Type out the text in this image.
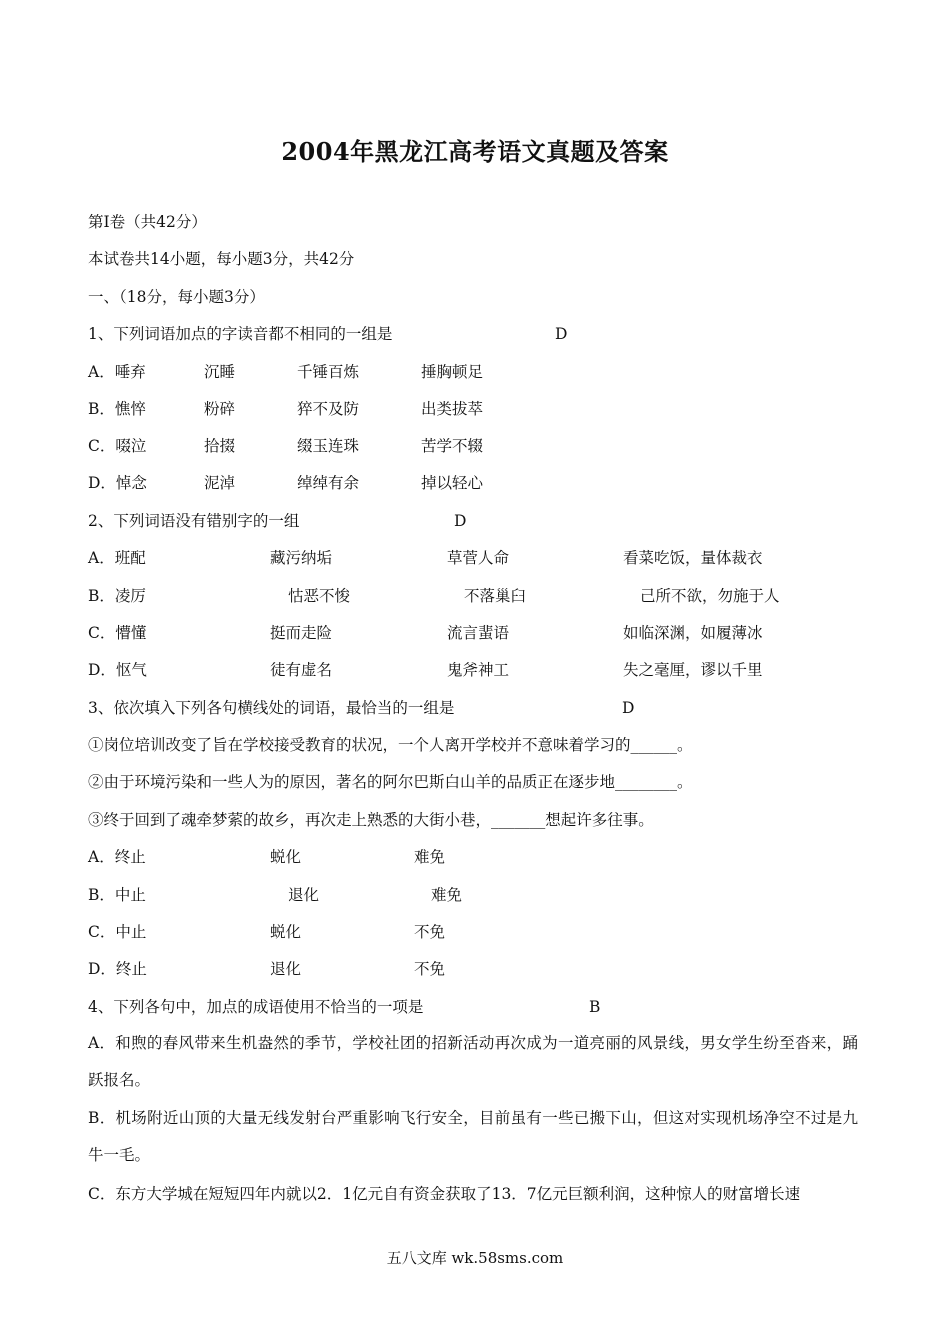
2004年黑龙江高考语文真题及答案
第Ⅰ卷（共42分）
本试卷共14小题，每小题3分，共42分
一、（18分，每小题3分）
1、下列词语加点的字读音都不相同的一组是	D
A．唾弃	沉睡	千锤百炼	捶胸顿足
B．憔悴	粉碎	猝不及防	出类拔萃
C．啜泣	拾掇	缀玉连珠	苦学不辍
D．悼念	泥淖	绰绰有余	掉以轻心
2、下列词语没有错别字的一组	D
A．班配	藏污纳垢	草菅人命	看菜吃饭，量体裁衣
B．凌厉	怙恶不悛	不落巢臼	己所不欲，勿施于人
C．懵懂	挺而走险	流言蜚语	如临深渊，如履薄冰
D．怄气	徒有虚名	鬼斧神工	失之毫厘，谬以千里
3、依次填入下列各句横线处的词语，最恰当的一组是	D
①岗位培训改变了旨在学校接受教育的状况，一个人离开学校并不意味着学习的______。
②由于环境污染和一些人为的原因，著名的阿尔巴斯白山羊的品质正在逐步地________。
③终于回到了魂牵梦萦的故乡，再次走上熟悉的大街小巷，_______想起许多往事。
A．终止	蜕化	难免
B．中止	退化	难免
C．中止	蜕化	不免
D．终止	退化	不免
4、下列各句中，加点的成语使用不恰当的一项是	B
A．和煦的春风带来生机盎然的季节，学校社团的招新活动再次成为一道亮丽的风景线，男女学生纷至沓来，踊跃报名。
B．机场附近山顶的大量无线发射台严重影响飞行安全，目前虽有一些已搬下山，但这对实现机场净空不过是九牛一毛。
C．东方大学城在短短四年内就以2．1亿元自有资金获取了13．7亿元巨额利润，这种惊人的财富增长速
五八文库 wk.58sms.com
